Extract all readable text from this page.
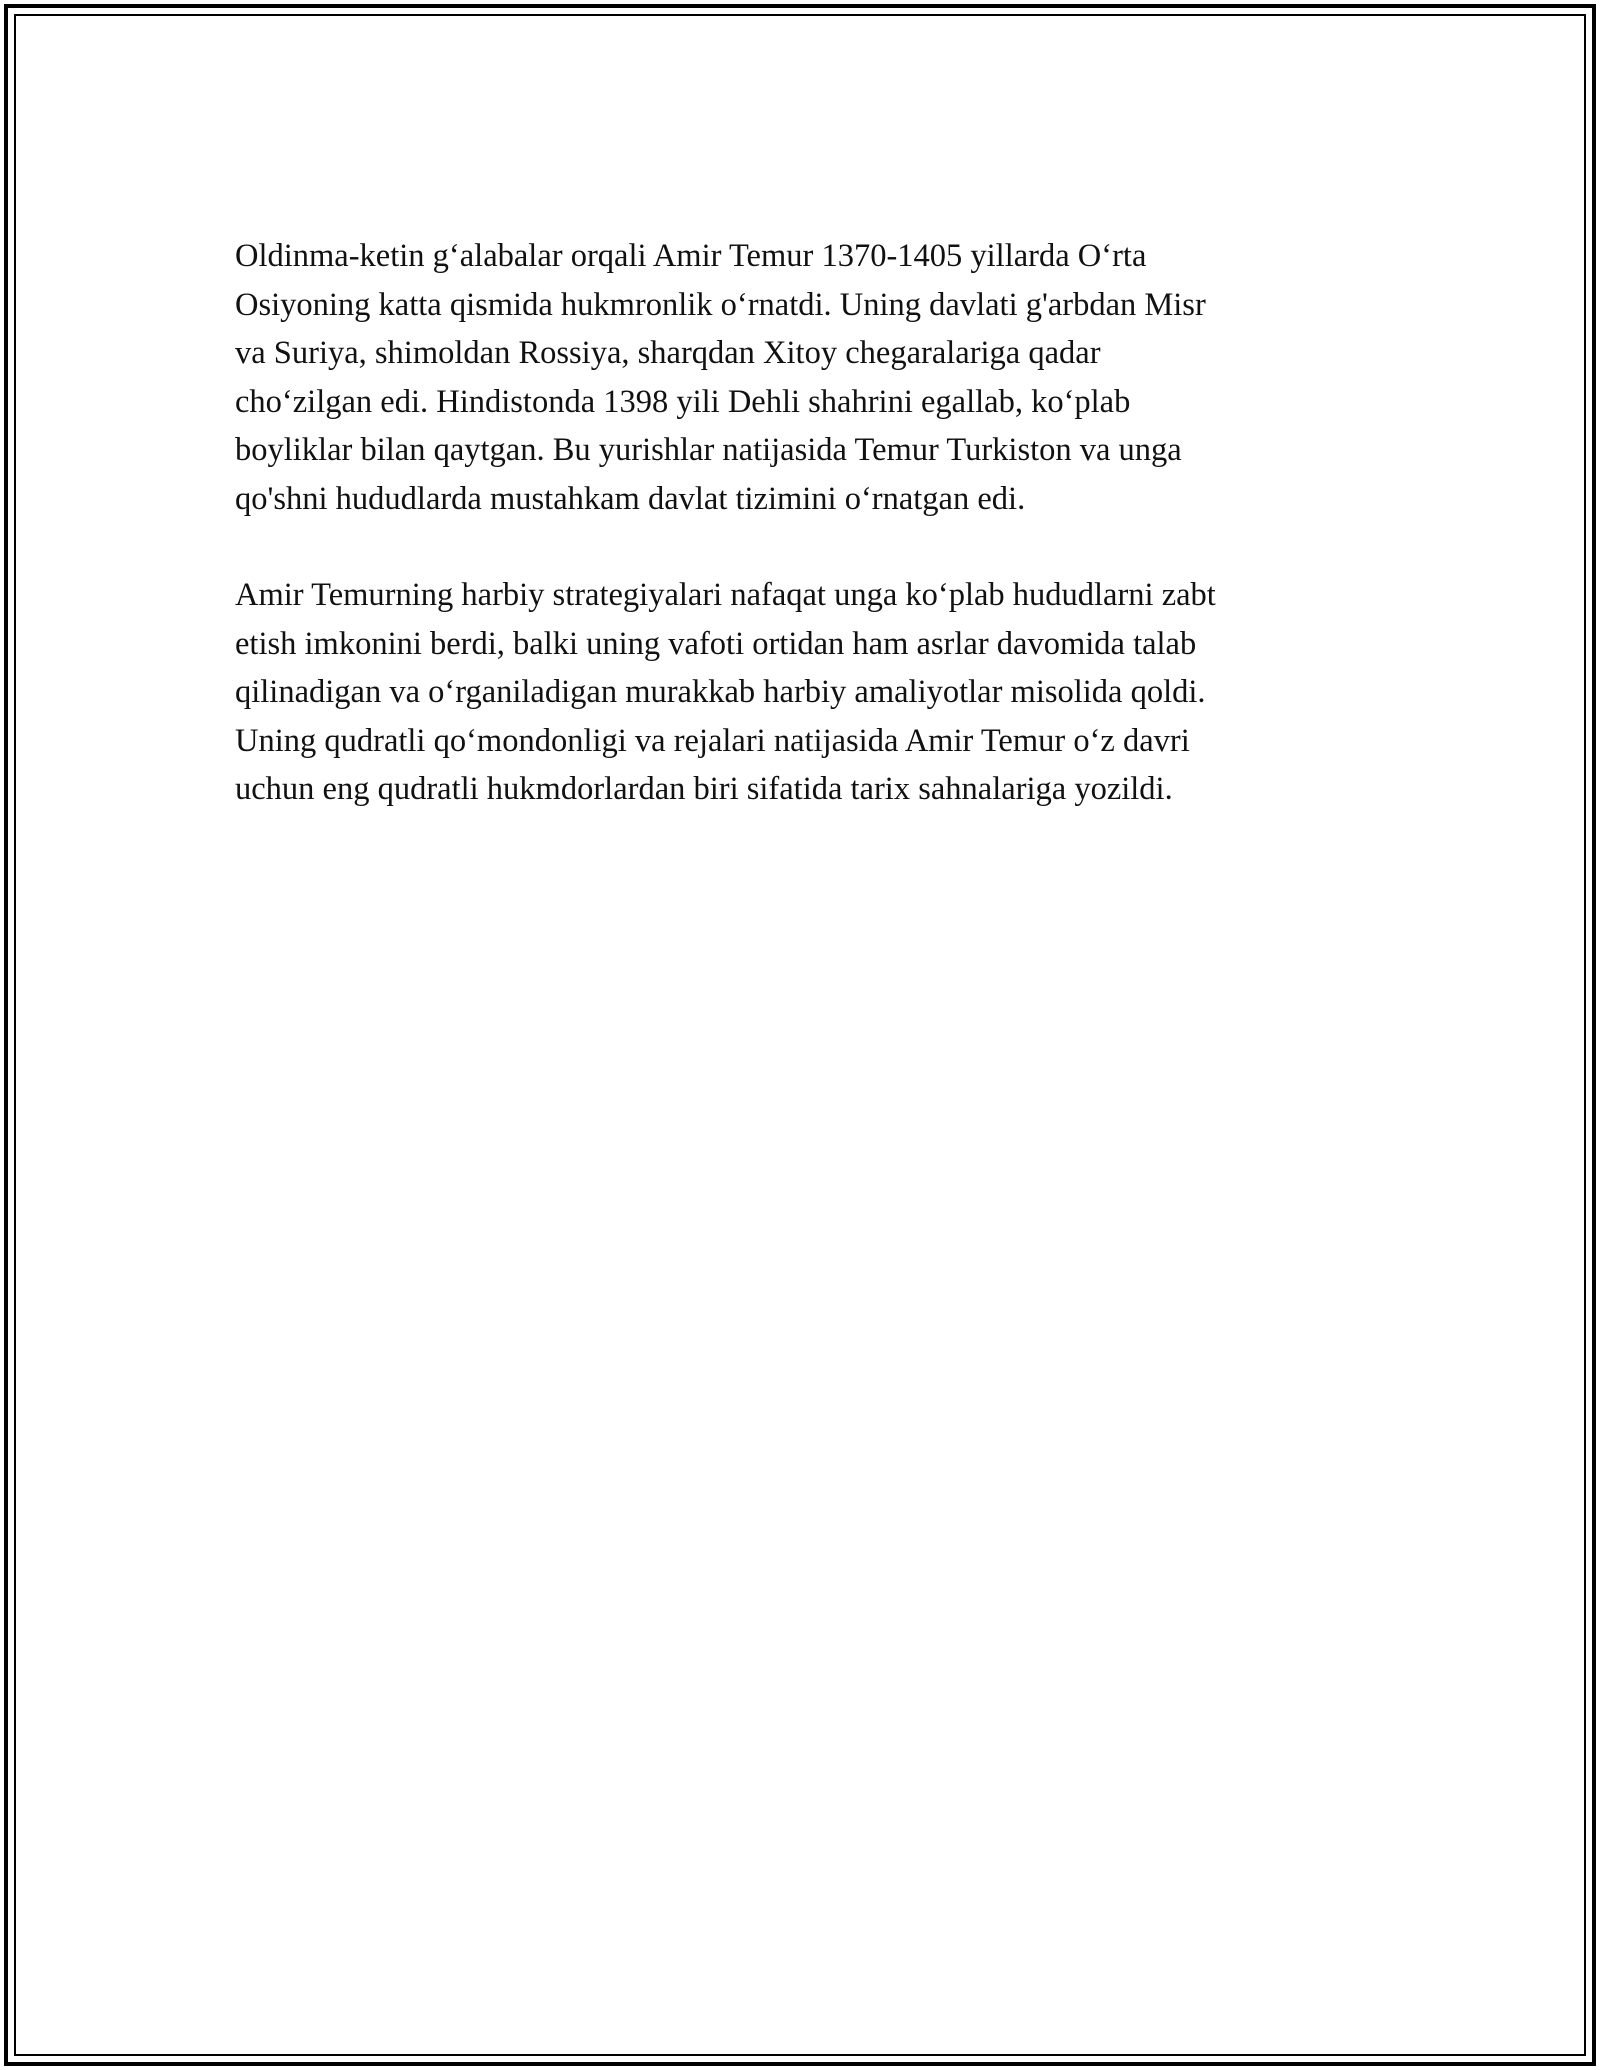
Oldinma-ketin g‘alabalar orqali Amir Temur 1370-1405 yillarda O‘rta
Osiyoning katta qismida hukmronlik o‘rnatdi. Uning davlati g'arbdan Misr
va Suriya, shimoldan Rossiya, sharqdan Xitoy chegaralariga qadar
cho‘zilgan edi. Hindistonda 1398 yili Dehli shahrini egallab, ko‘plab
boyliklar bilan qaytgan. Bu yurishlar natijasida Temur Turkiston va unga
qo'shni hududlarda mustahkam davlat tizimini o‘rnatgan edi.

Amir Temurning harbiy strategiyalari nafaqat unga ko‘plab hududlarni zabt
etish imkonini berdi, balki uning vafoti ortidan ham asrlar davomida talab
qilinadigan va o‘rganiladigan murakkab harbiy amaliyotlar misolida qoldi.
Uning qudratli qo‘mondonligi va rejalari natijasida Amir Temur o‘z davri
uchun eng qudratli hukmdorlardan biri sifatida tarix sahnalariga yozildi.
